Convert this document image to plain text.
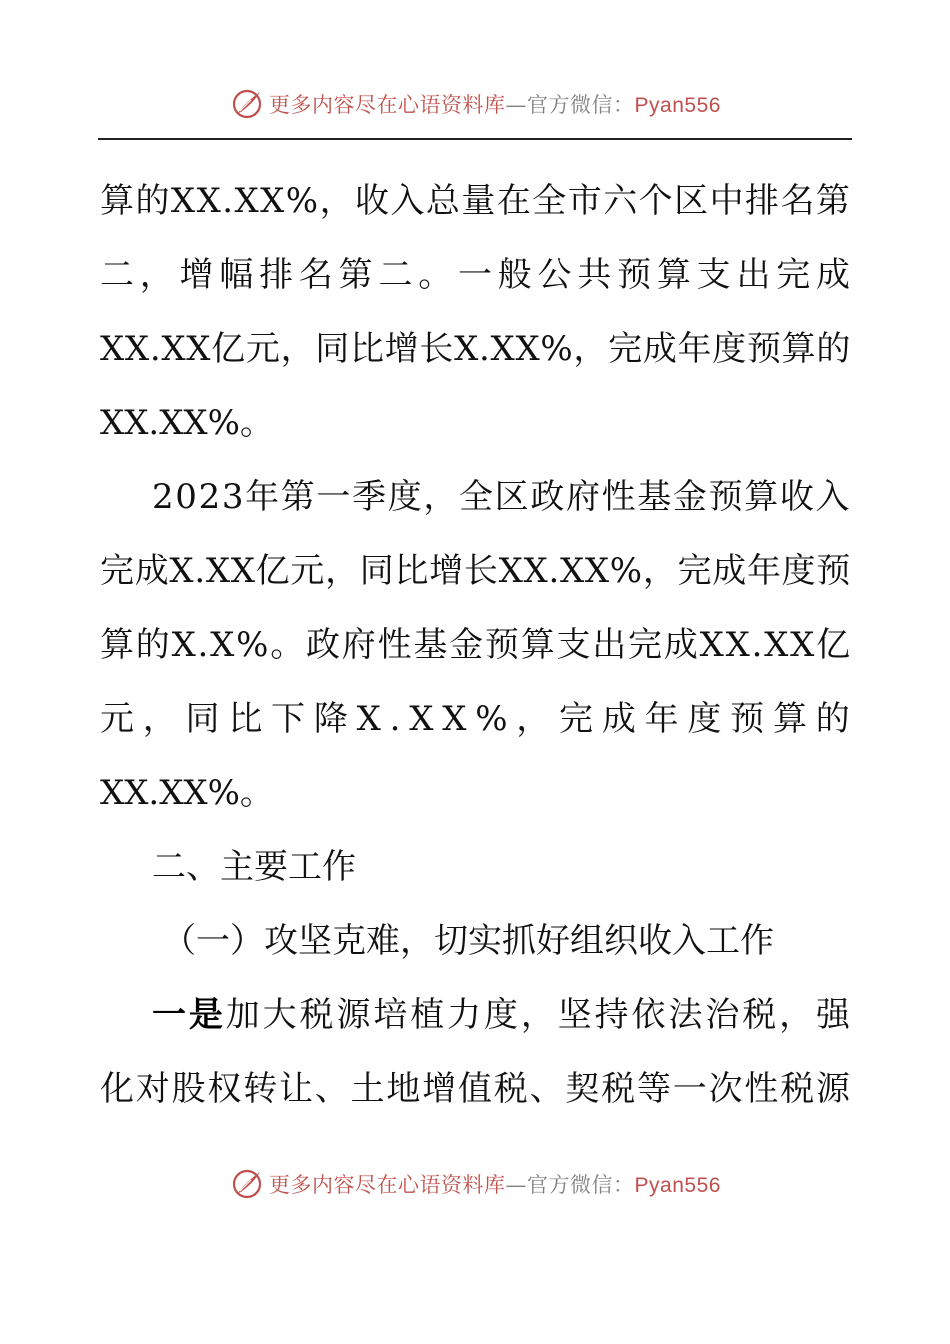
更多内容尽在心语资料库—官方微信：Pyan556
算的XX.XX%，收入总量在全市六个区中排名第
二，增幅排名第二。一般公共预算支出完成
XX.XX亿元，同比增长X.XX%，完成年度预算的
XX.XX%。
2023年第一季度，全区政府性基金预算收入
完成X.XX亿元，同比增长XX.XX%，完成年度预
算的X.X%。政府性基金预算支出完成XX.XX亿
元，同比下降X.XX%，完成年度预算的
XX.XX%。
二、主要工作
（一）攻坚克难，切实抓好组织收入工作
一是加大税源培植力度，坚持依法治税，强
化对股权转让、土地增值税、契税等一次性税源
更多内容尽在心语资料库—官方微信：Pyan556
